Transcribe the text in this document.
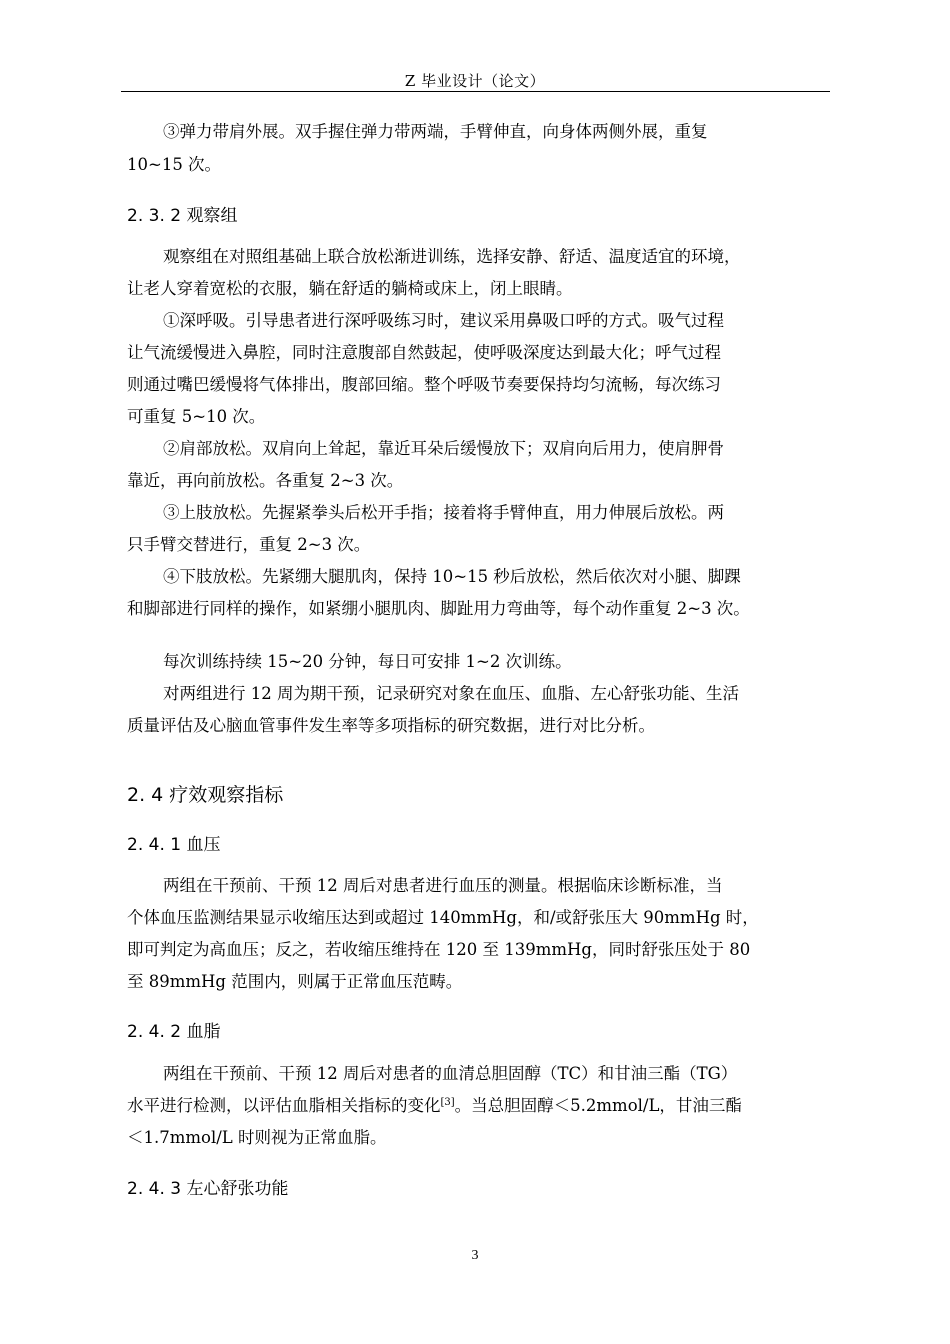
Z 毕业设计（论文）
③弹力带肩外展。双手握住弹力带两端，手臂伸直，向身体两侧外展，重复
10~15 次。
2. 3. 2 观察组
观察组在对照组基础上联合放松渐进训练，选择安静、舒适、温度适宜的环境，
让老人穿着宽松的衣服，躺在舒适的躺椅或床上，闭上眼睛。
①深呼吸。引导患者进行深呼吸练习时，建议采用鼻吸口呼的方式。吸气过程
让气流缓慢进入鼻腔，同时注意腹部自然鼓起，使呼吸深度达到最大化；呼气过程
则通过嘴巴缓慢将气体排出，腹部回缩。整个呼吸节奏要保持均匀流畅，每次练习
可重复 5~10 次。
②肩部放松。双肩向上耸起，靠近耳朵后缓慢放下；双肩向后用力，使肩胛骨
靠近，再向前放松。各重复 2~3 次。
③上肢放松。先握紧拳头后松开手指；接着将手臂伸直，用力伸展后放松。两
只手臂交替进行，重复 2~3 次。
④下肢放松。先紧绷大腿肌肉，保持 10~15 秒后放松，然后依次对小腿、脚踝
和脚部进行同样的操作，如紧绷小腿肌肉、脚趾用力弯曲等，每个动作重复 2~3 次。
每次训练持续 15~20 分钟，每日可安排 1~2 次训练。
对两组进行 12 周为期干预，记录研究对象在血压、血脂、左心舒张功能、生活
质量评估及心脑血管事件发生率等多项指标的研究数据，进行对比分析。
2. 4 疗效观察指标
2. 4. 1 血压
两组在干预前、干预 12 周后对患者进行血压的测量。根据临床诊断标准，当
个体血压监测结果显示收缩压达到或超过 140mmHg，和/或舒张压大 90mmHg 时，
即可判定为高血压；反之，若收缩压维持在 120 至 139mmHg，同时舒张压处于 80
至 89mmHg 范围内，则属于正常血压范畴。
2. 4. 2 血脂
两组在干预前、干预 12 周后对患者的血清总胆固醇（TC）和甘油三酯（TG）
水平进行检测，以评估血脂相关指标的变化[3]。当总胆固醇＜5.2mmol/L，甘油三酯
＜1.7mmol/L 时则视为正常血脂。
2. 4. 3 左心舒张功能
3
